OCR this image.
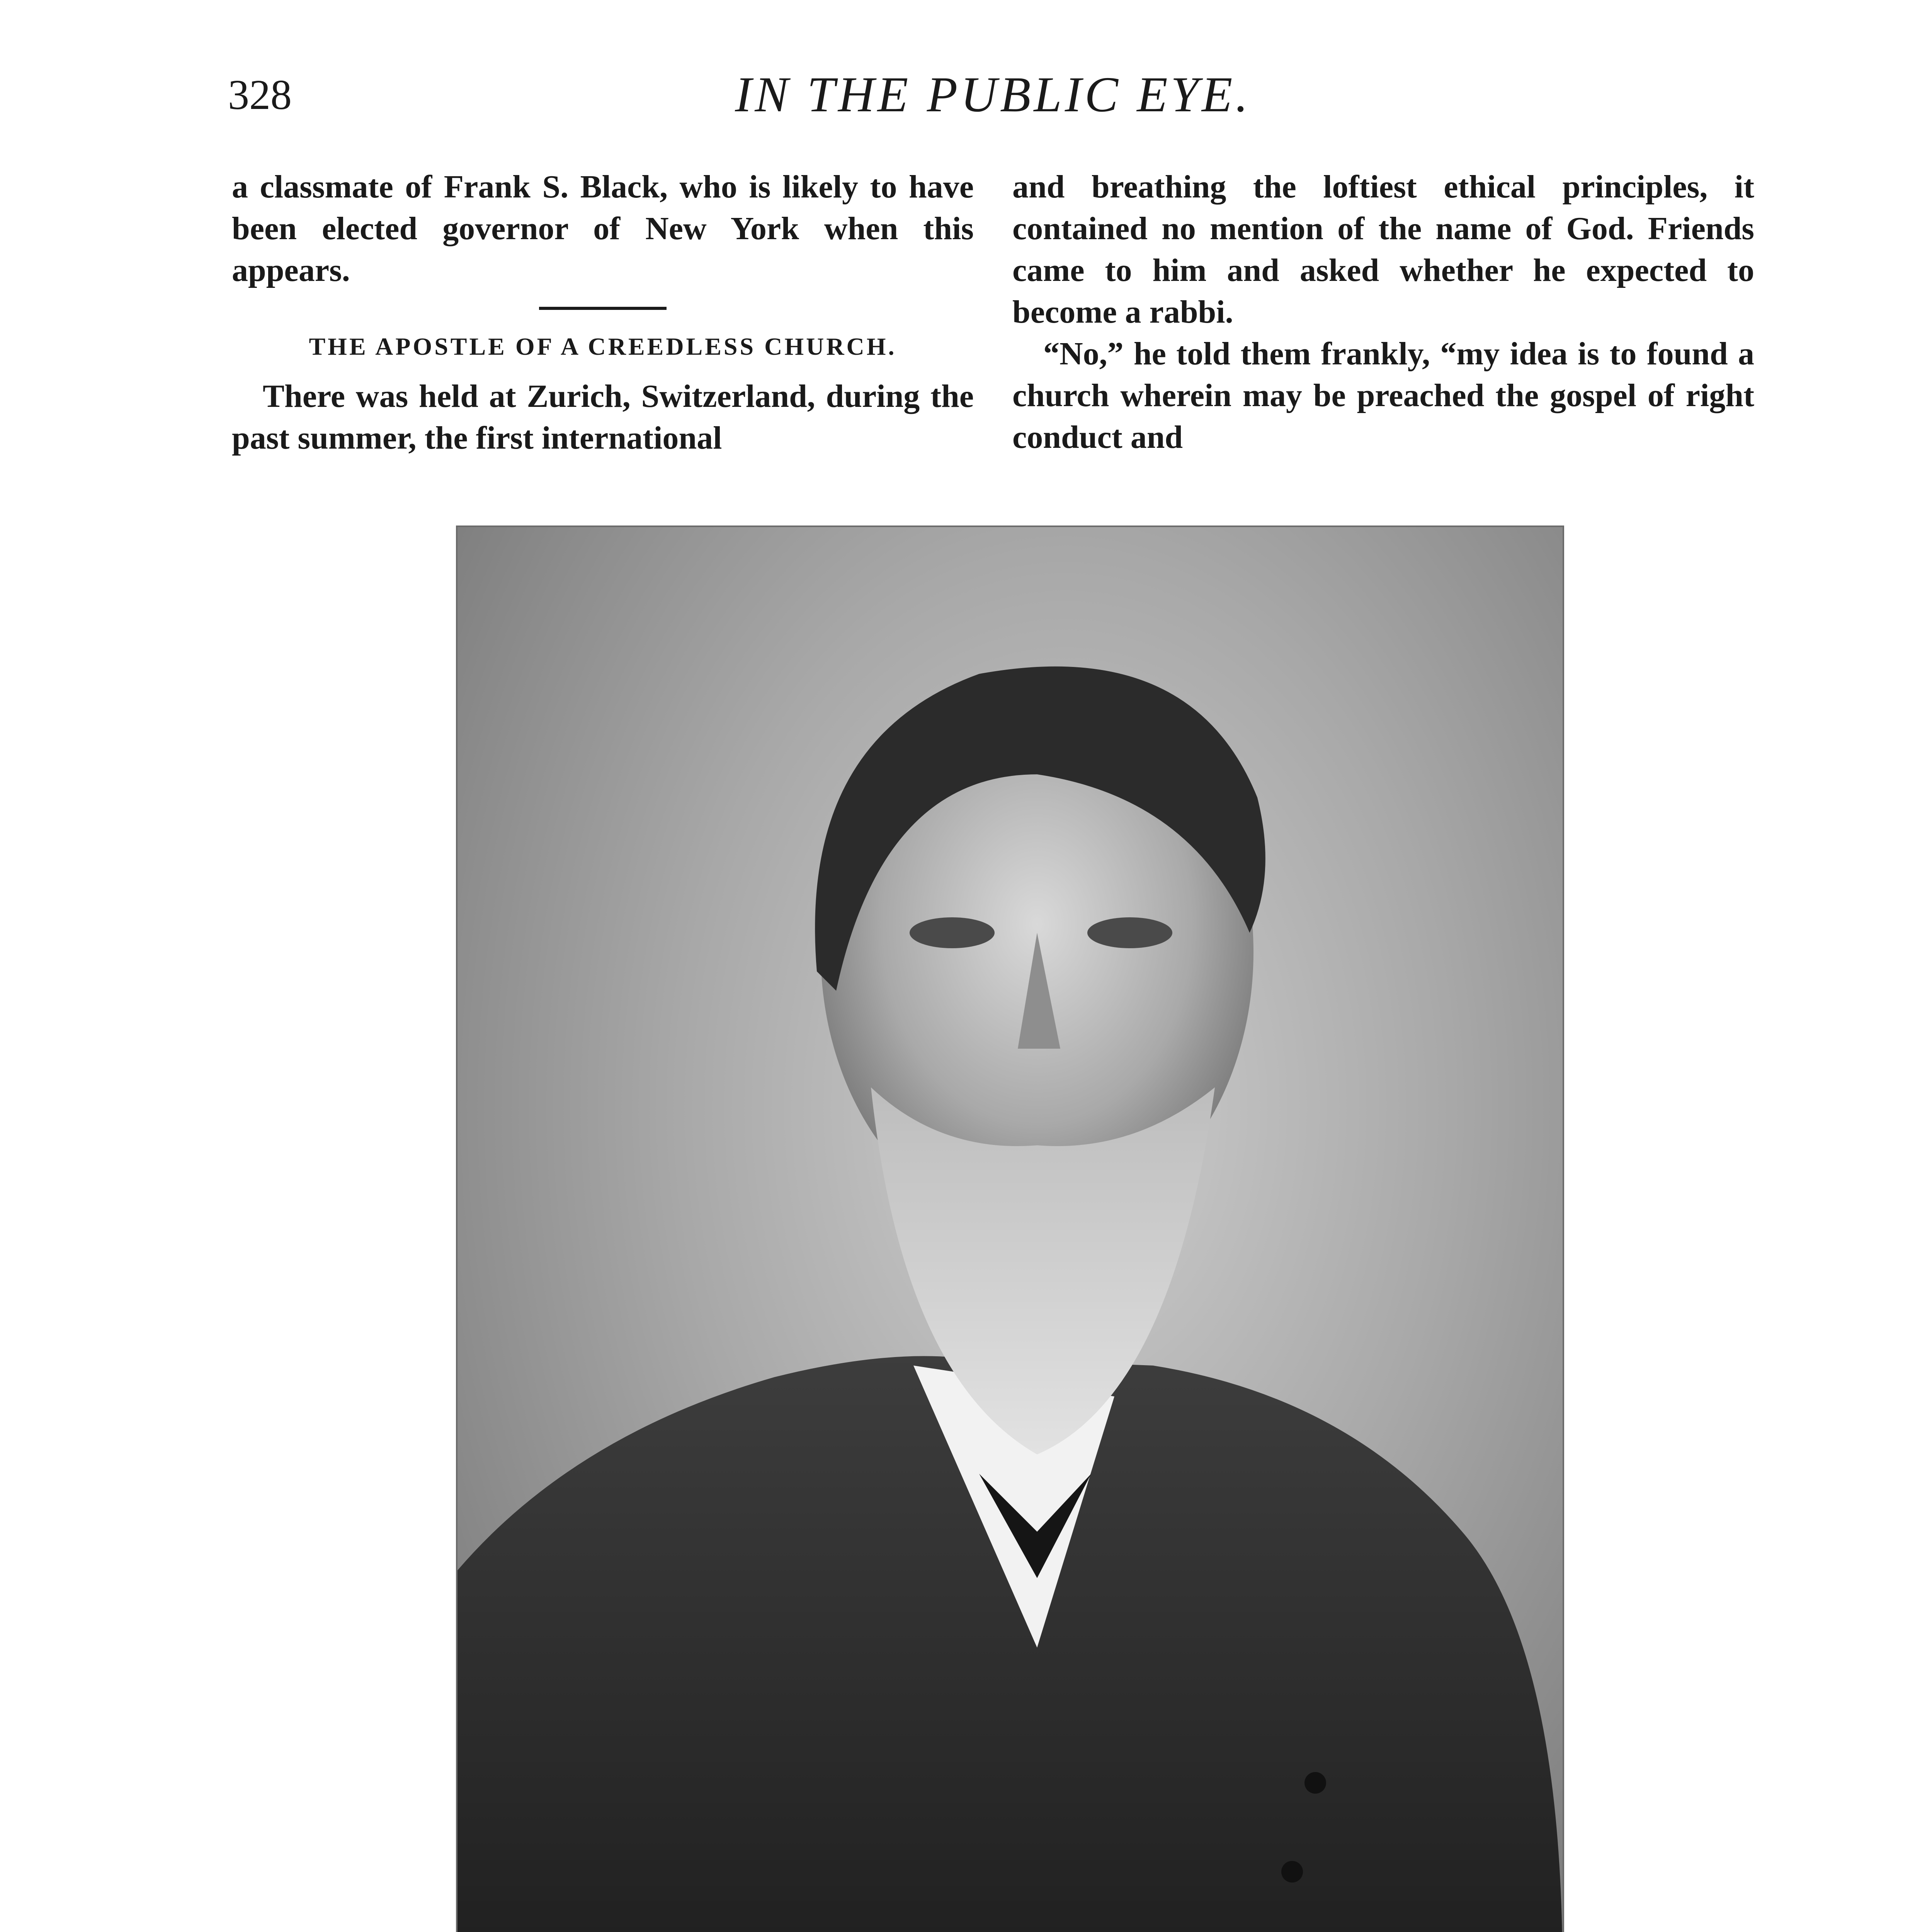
328	IN THE PUBLIC EYE.

a classmate of Frank S. Black, who is likely to have been elected governor of New York when this appears.

THE APOSTLE OF A CREEDLESS CHURCH.

There was held at Zurich, Switzerland, during the past summer, the first international

and breathing the loftiest ethical principles, it contained no mention of the name of God. Friends came to him and asked whether he expected to become a rabbi.

“No,” he told them frankly, “my idea is to found a church wherein may be preached the gospel of right conduct and
